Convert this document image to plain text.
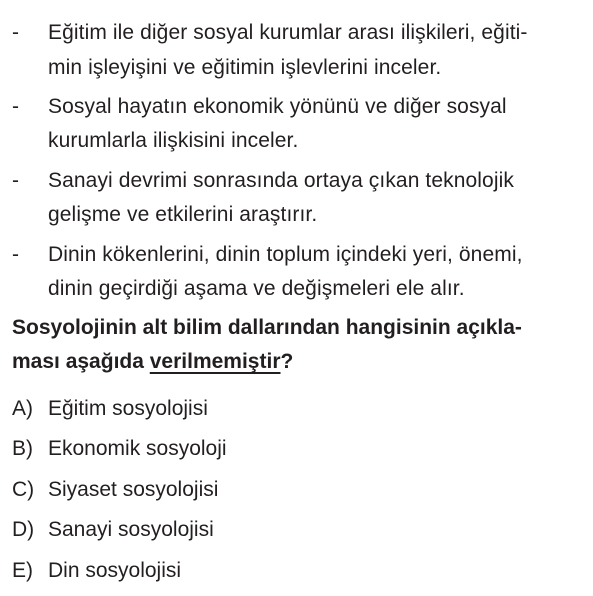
-	Eğitim ile diğer sosyal kurumlar arası ilişkileri, eğiti-
min işleyişini ve eğitimin işlevlerini inceler.
-	Sosyal hayatın ekonomik yönünü ve diğer sosyal
kurumlarla ilişkisini inceler.
-	Sanayi devrimi sonrasında ortaya çıkan teknolojik
gelişme ve etkilerini araştırır.
-	Dinin kökenlerini, dinin toplum içindeki yeri, önemi,
dinin geçirdiği aşama ve değişmeleri ele alır.
Sosyolojinin alt bilim dallarından hangisinin açıkla-
ması aşağıda verilmemiştir?
A) Eğitim sosyolojisi
B) Ekonomik sosyoloji
C) Siyaset sosyolojisi
D) Sanayi sosyolojisi
E) Din sosyolojisi
